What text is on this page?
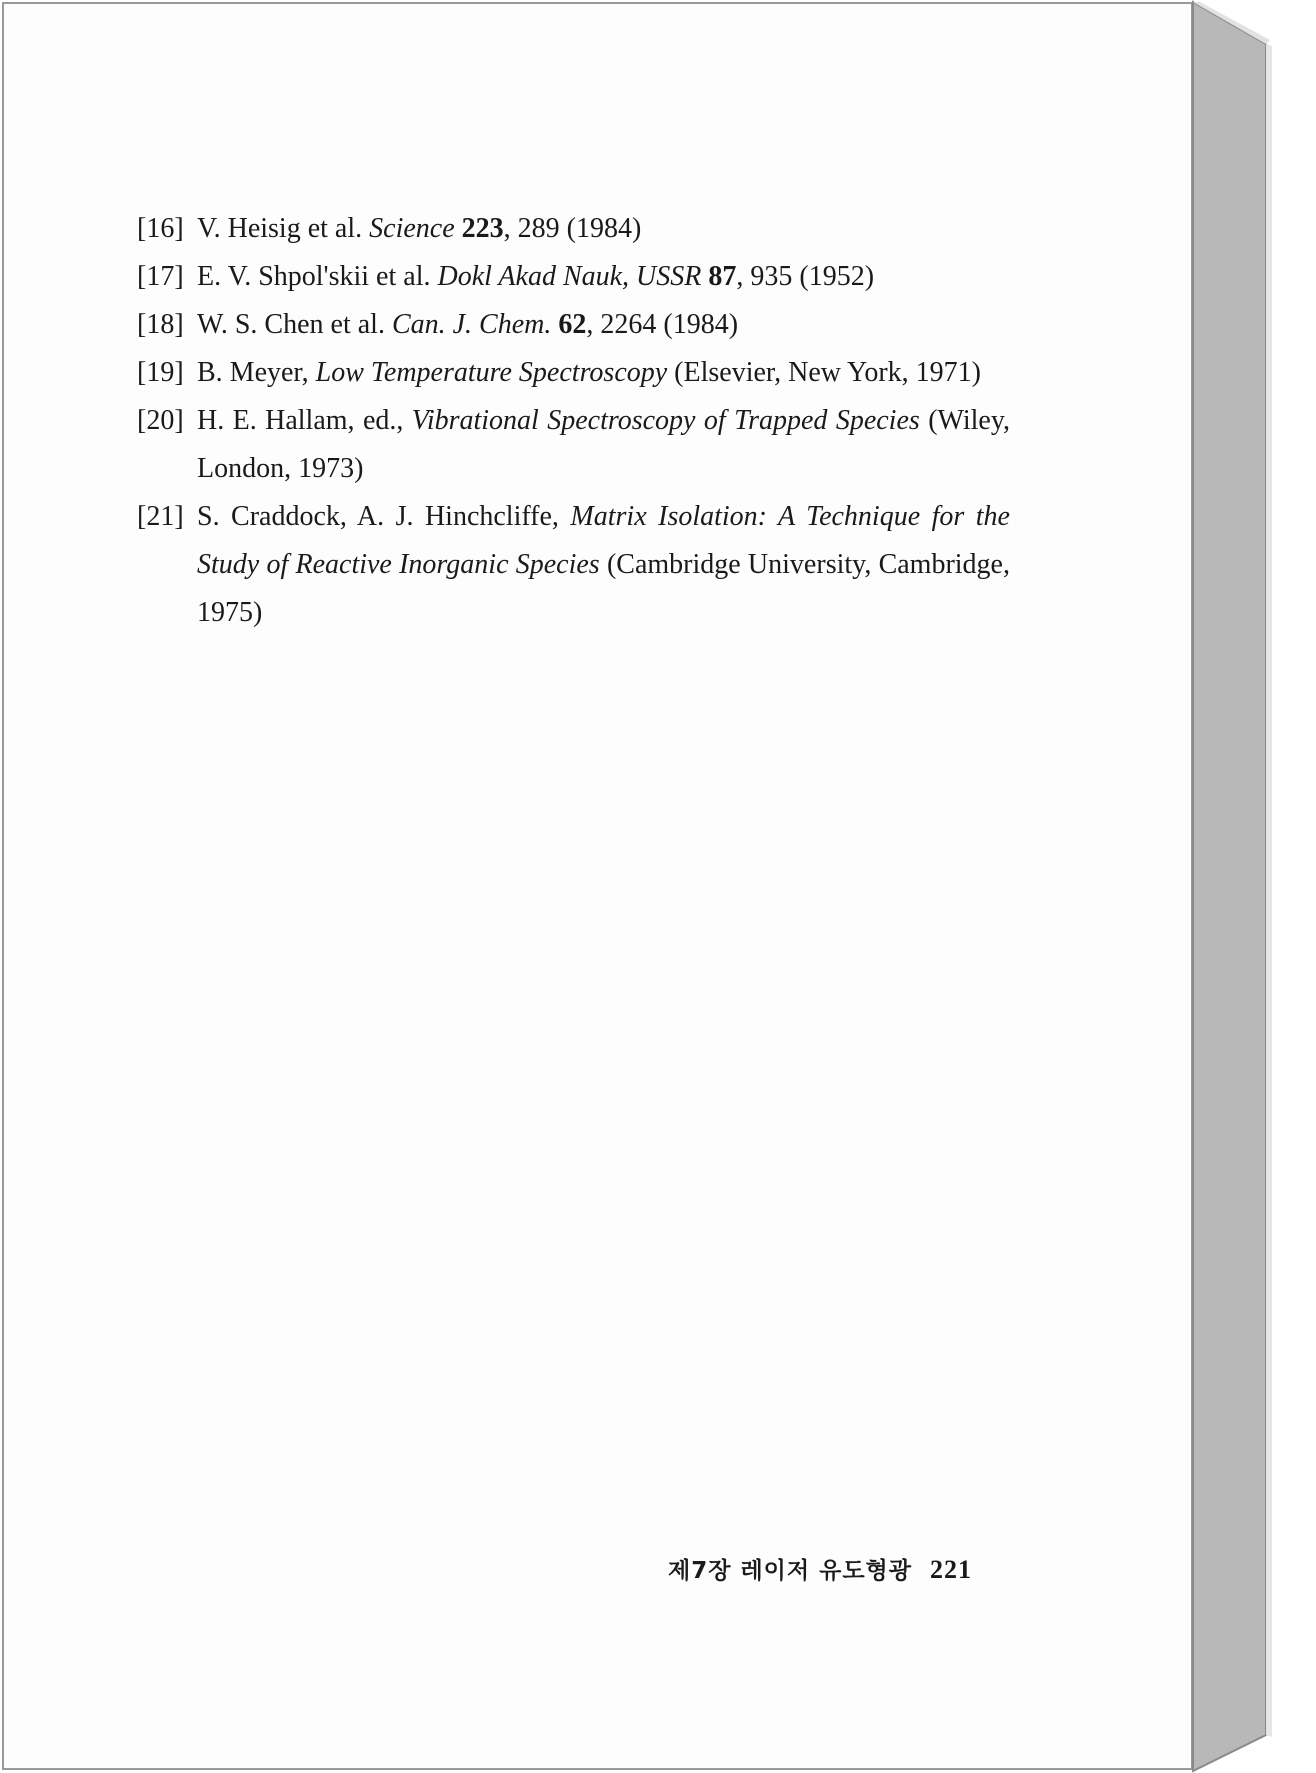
[16] V. Heisig et al. Science 223, 289 (1984)
[17] E. V. Shpol'skii et al. Dokl Akad Nauk, USSR 87, 935 (1952)
[18] W. S. Chen et al. Can. J. Chem. 62, 2264 (1984)
[19] B. Meyer, Low Temperature Spectroscopy (Elsevier, New York, 1971)
[20] H. E. Hallam, ed., Vibrational Spectroscopy of Trapped Species (Wiley, London, 1973)
[21] S. Craddock, A. J. Hinchcliffe, Matrix Isolation: A Technique for the Study of Reactive Inorganic Species (Cambridge University, Cambridge, 1975)
제7장 레이저 유도형광 221
